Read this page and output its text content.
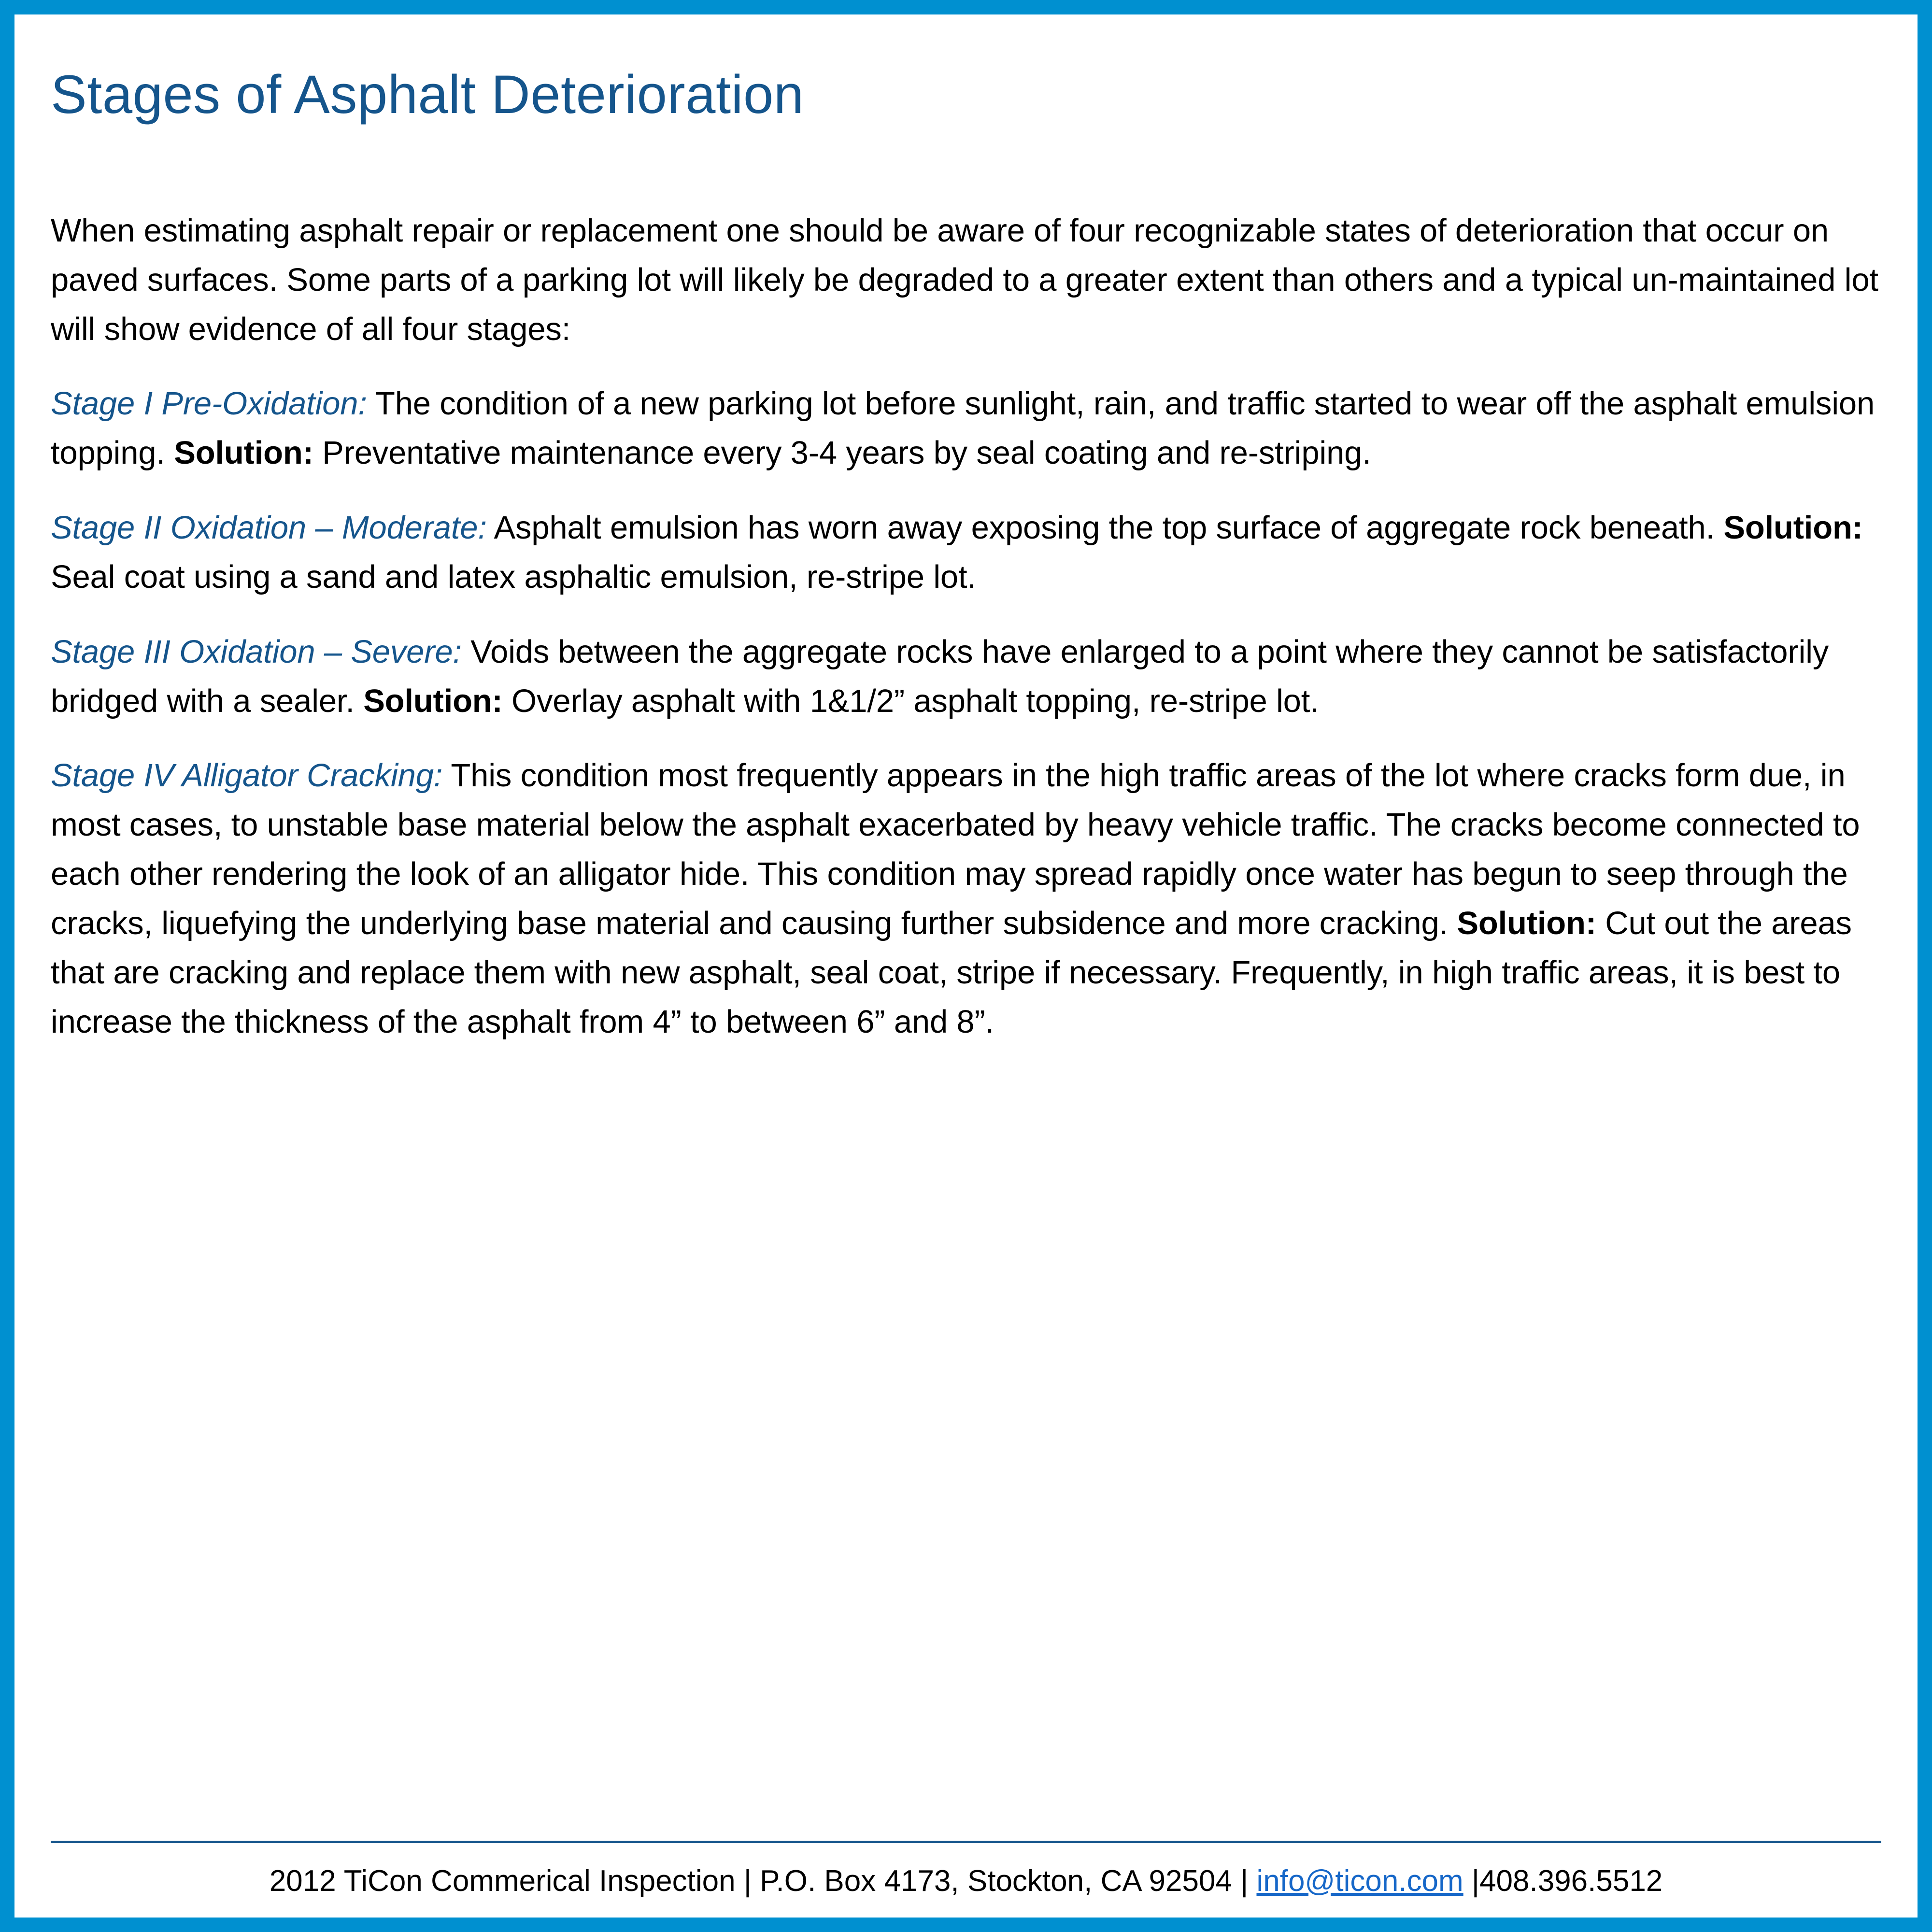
Stages of Asphalt Deterioration

When estimating asphalt repair or replacement one should be aware of four recognizable states of deterioration that occur on paved surfaces. Some parts of a parking lot will likely be degraded to a greater extent than others and a typical un-maintained lot will show evidence of all four stages:

Stage I Pre-Oxidation: The condition of a new parking lot before sunlight, rain, and traffic started to wear off the asphalt emulsion topping. Solution: Preventative maintenance every 3-4 years by seal coating and re-striping.

Stage II Oxidation – Moderate: Asphalt emulsion has worn away exposing the top surface of aggregate rock beneath. Solution: Seal coat using a sand and latex asphaltic emulsion, re-stripe lot.

Stage III Oxidation – Severe: Voids between the aggregate rocks have enlarged to a point where they cannot be satisfactorily bridged with a sealer. Solution: Overlay asphalt with 1&1/2” asphalt topping, re-stripe lot.

Stage IV Alligator Cracking: This condition most frequently appears in the high traffic areas of the lot where cracks form due, in most cases, to unstable base material below the asphalt exacerbated by heavy vehicle traffic. The cracks become connected to each other rendering the look of an alligator hide. This condition may spread rapidly once water has begun to seep through the cracks, liquefying the underlying base material and causing further subsidence and more cracking. Solution: Cut out the areas that are cracking and replace them with new asphalt, seal coat, stripe if necessary. Frequently, in high traffic areas, it is best to increase the thickness of the asphalt from 4” to between 6” and 8”.

2012 TiCon Commerical Inspection | P.O. Box 4173, Stockton, CA 92504 | info@ticon.com |408.396.5512
